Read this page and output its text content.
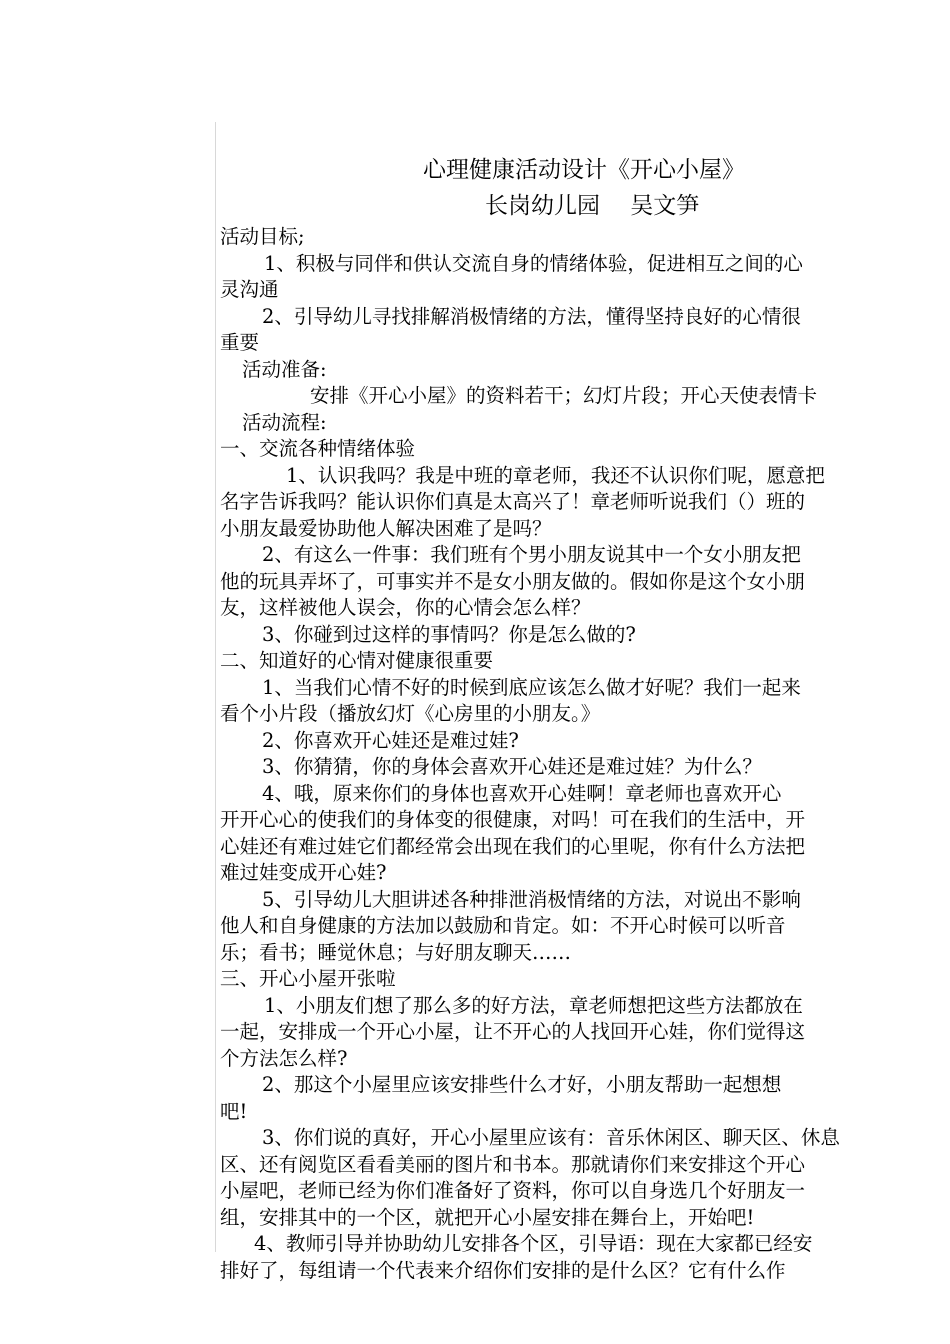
心理健康活动设计《开心小屋》
长岗幼儿园　 吴文笋
活动目标;
1、积极与同伴和供认交流自身的情绪体验，促进相互之间的心
灵沟通
2、引导幼儿寻找排解消极情绪的方法，懂得坚持良好的心情很
重要
活动准备:
安排《开心小屋》的资料若干；幻灯片段；开心天使表情卡
活动流程:
一、交流各种情绪体验
1、认识我吗？我是中班的章老师，我还不认识你们呢，愿意把
名字告诉我吗？能认识你们真是太高兴了！章老师听说我们（）班的
小朋友最爱协助他人解决困难了是吗？
2、有这么一件事：我们班有个男小朋友说其中一个女小朋友把
他的玩具弄坏了，可事实并不是女小朋友做的。假如你是这个女小朋
友，这样被他人误会，你的心情会怎么样？
3、你碰到过这样的事情吗？你是怎么做的?
二、知道好的心情对健康很重要
1、当我们心情不好的时候到底应该怎么做才好呢？我们一起来
看个小片段（播放幻灯《心房里的小朋友。》
2、你喜欢开心娃还是难过娃?
3、你猜猜，你的身体会喜欢开心娃还是难过娃？为什么？
4、哦，原来你们的身体也喜欢开心娃啊！章老师也喜欢开心
开开心心的使我们的身体变的很健康，对吗！可在我们的生活中，开
心娃还有难过娃它们都经常会出现在我们的心里呢，你有什么方法把
难过娃变成开心娃?
5、引导幼儿大胆讲述各种排泄消极情绪的方法，对说出不影响
他人和自身健康的方法加以鼓励和肯定。如：不开心时候可以听音
乐；看书；睡觉休息；与好朋友聊天……
三、开心小屋开张啦
1、小朋友们想了那么多的好方法，章老师想把这些方法都放在
一起，安排成一个开心小屋，让不开心的人找回开心娃，你们觉得这
个方法怎么样?
2、那这个小屋里应该安排些什么才好，小朋友帮助一起想想
吧!
3、你们说的真好，开心小屋里应该有：音乐休闲区、聊天区、休息
区、还有阅览区看看美丽的图片和书本。那就请你们来安排这个开心
小屋吧，老师已经为你们准备好了资料，你可以自身选几个好朋友一
组，安排其中的一个区，就把开心小屋安排在舞台上，开始吧!
4、教师引导并协助幼儿安排各个区，引导语：现在大家都已经安
排好了，每组请一个代表来介绍你们安排的是什么区？它有什么作
